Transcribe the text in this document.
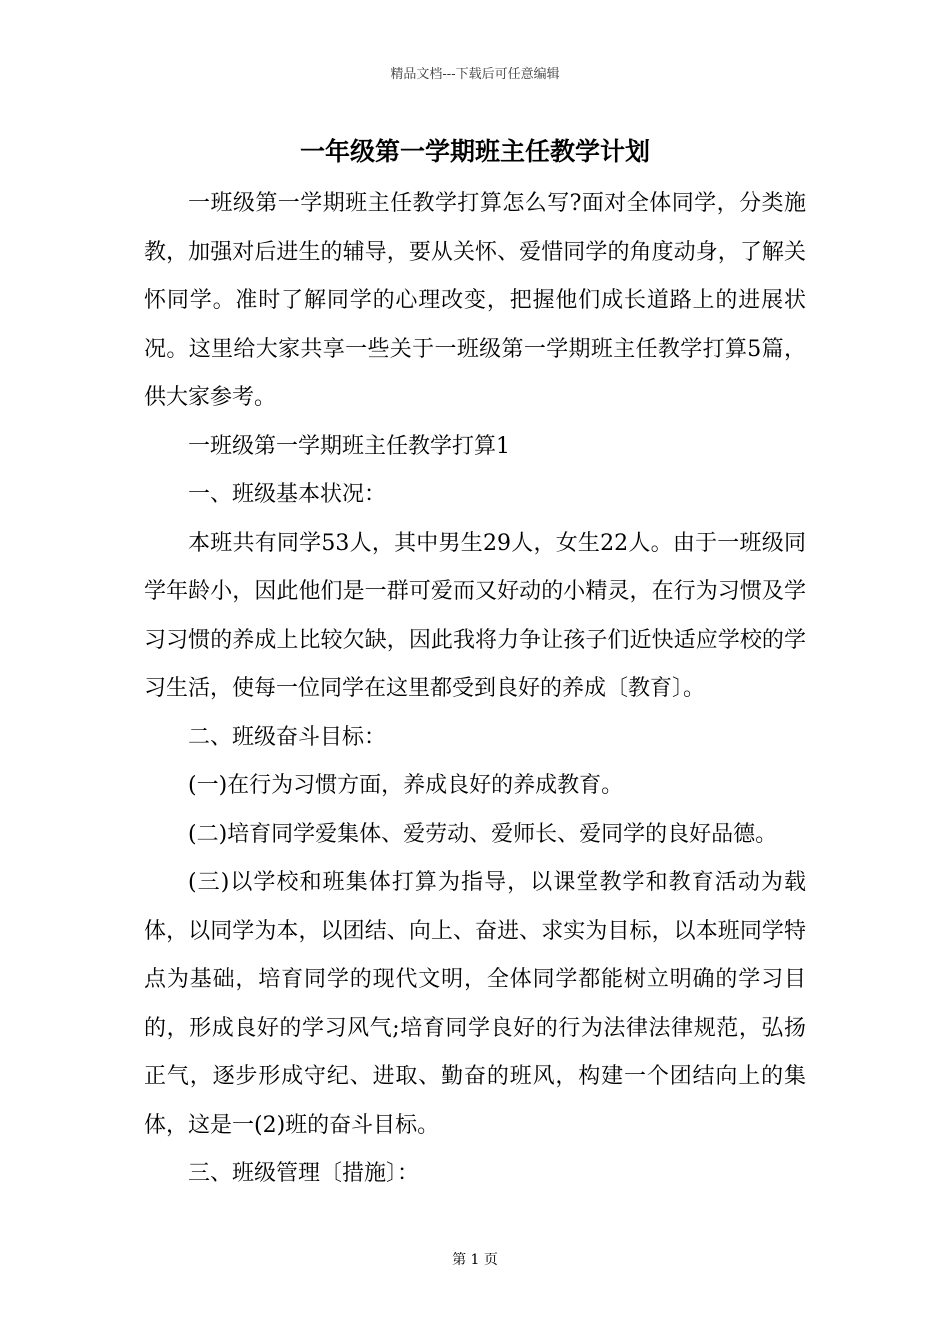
精品文档---下载后可任意编辑
一年级第一学期班主任教学计划

一班级第一学期班主任教学打算怎么写?面对全体同学，分类施教，加强对后进生的辅导，要从关怀、爱惜同学的角度动身，了解关怀同学。准时了解同学的心理改变，把握他们成长道路上的进展状况。这里给大家共享一些关于一班级第一学期班主任教学打算5篇，供大家参考。

一班级第一学期班主任教学打算1

一、班级基本状况：

本班共有同学53人，其中男生29人，女生22人。由于一班级同学年龄小，因此他们是一群可爱而又好动的小精灵，在行为习惯及学习习惯的养成上比较欠缺，因此我将力争让孩子们近快适应学校的学习生活，使每一位同学在这里都受到良好的养成〔教育〕。

二、班级奋斗目标：

(一)在行为习惯方面，养成良好的养成教育。

(二)培育同学爱集体、爱劳动、爱师长、爱同学的良好品德。

(三)以学校和班集体打算为指导，以课堂教学和教育活动为载体，以同学为本，以团结、向上、奋进、求实为目标，以本班同学特点为基础，培育同学的现代文明，全体同学都能树立明确的学习目的，形成良好的学习风气;培育同学良好的行为法律法律规范，弘扬正气，逐步形成守纪、进取、勤奋的班风，构建一个团结向上的集体，这是一(2)班的奋斗目标。

三、班级管理〔措施〕：

第 1 页
